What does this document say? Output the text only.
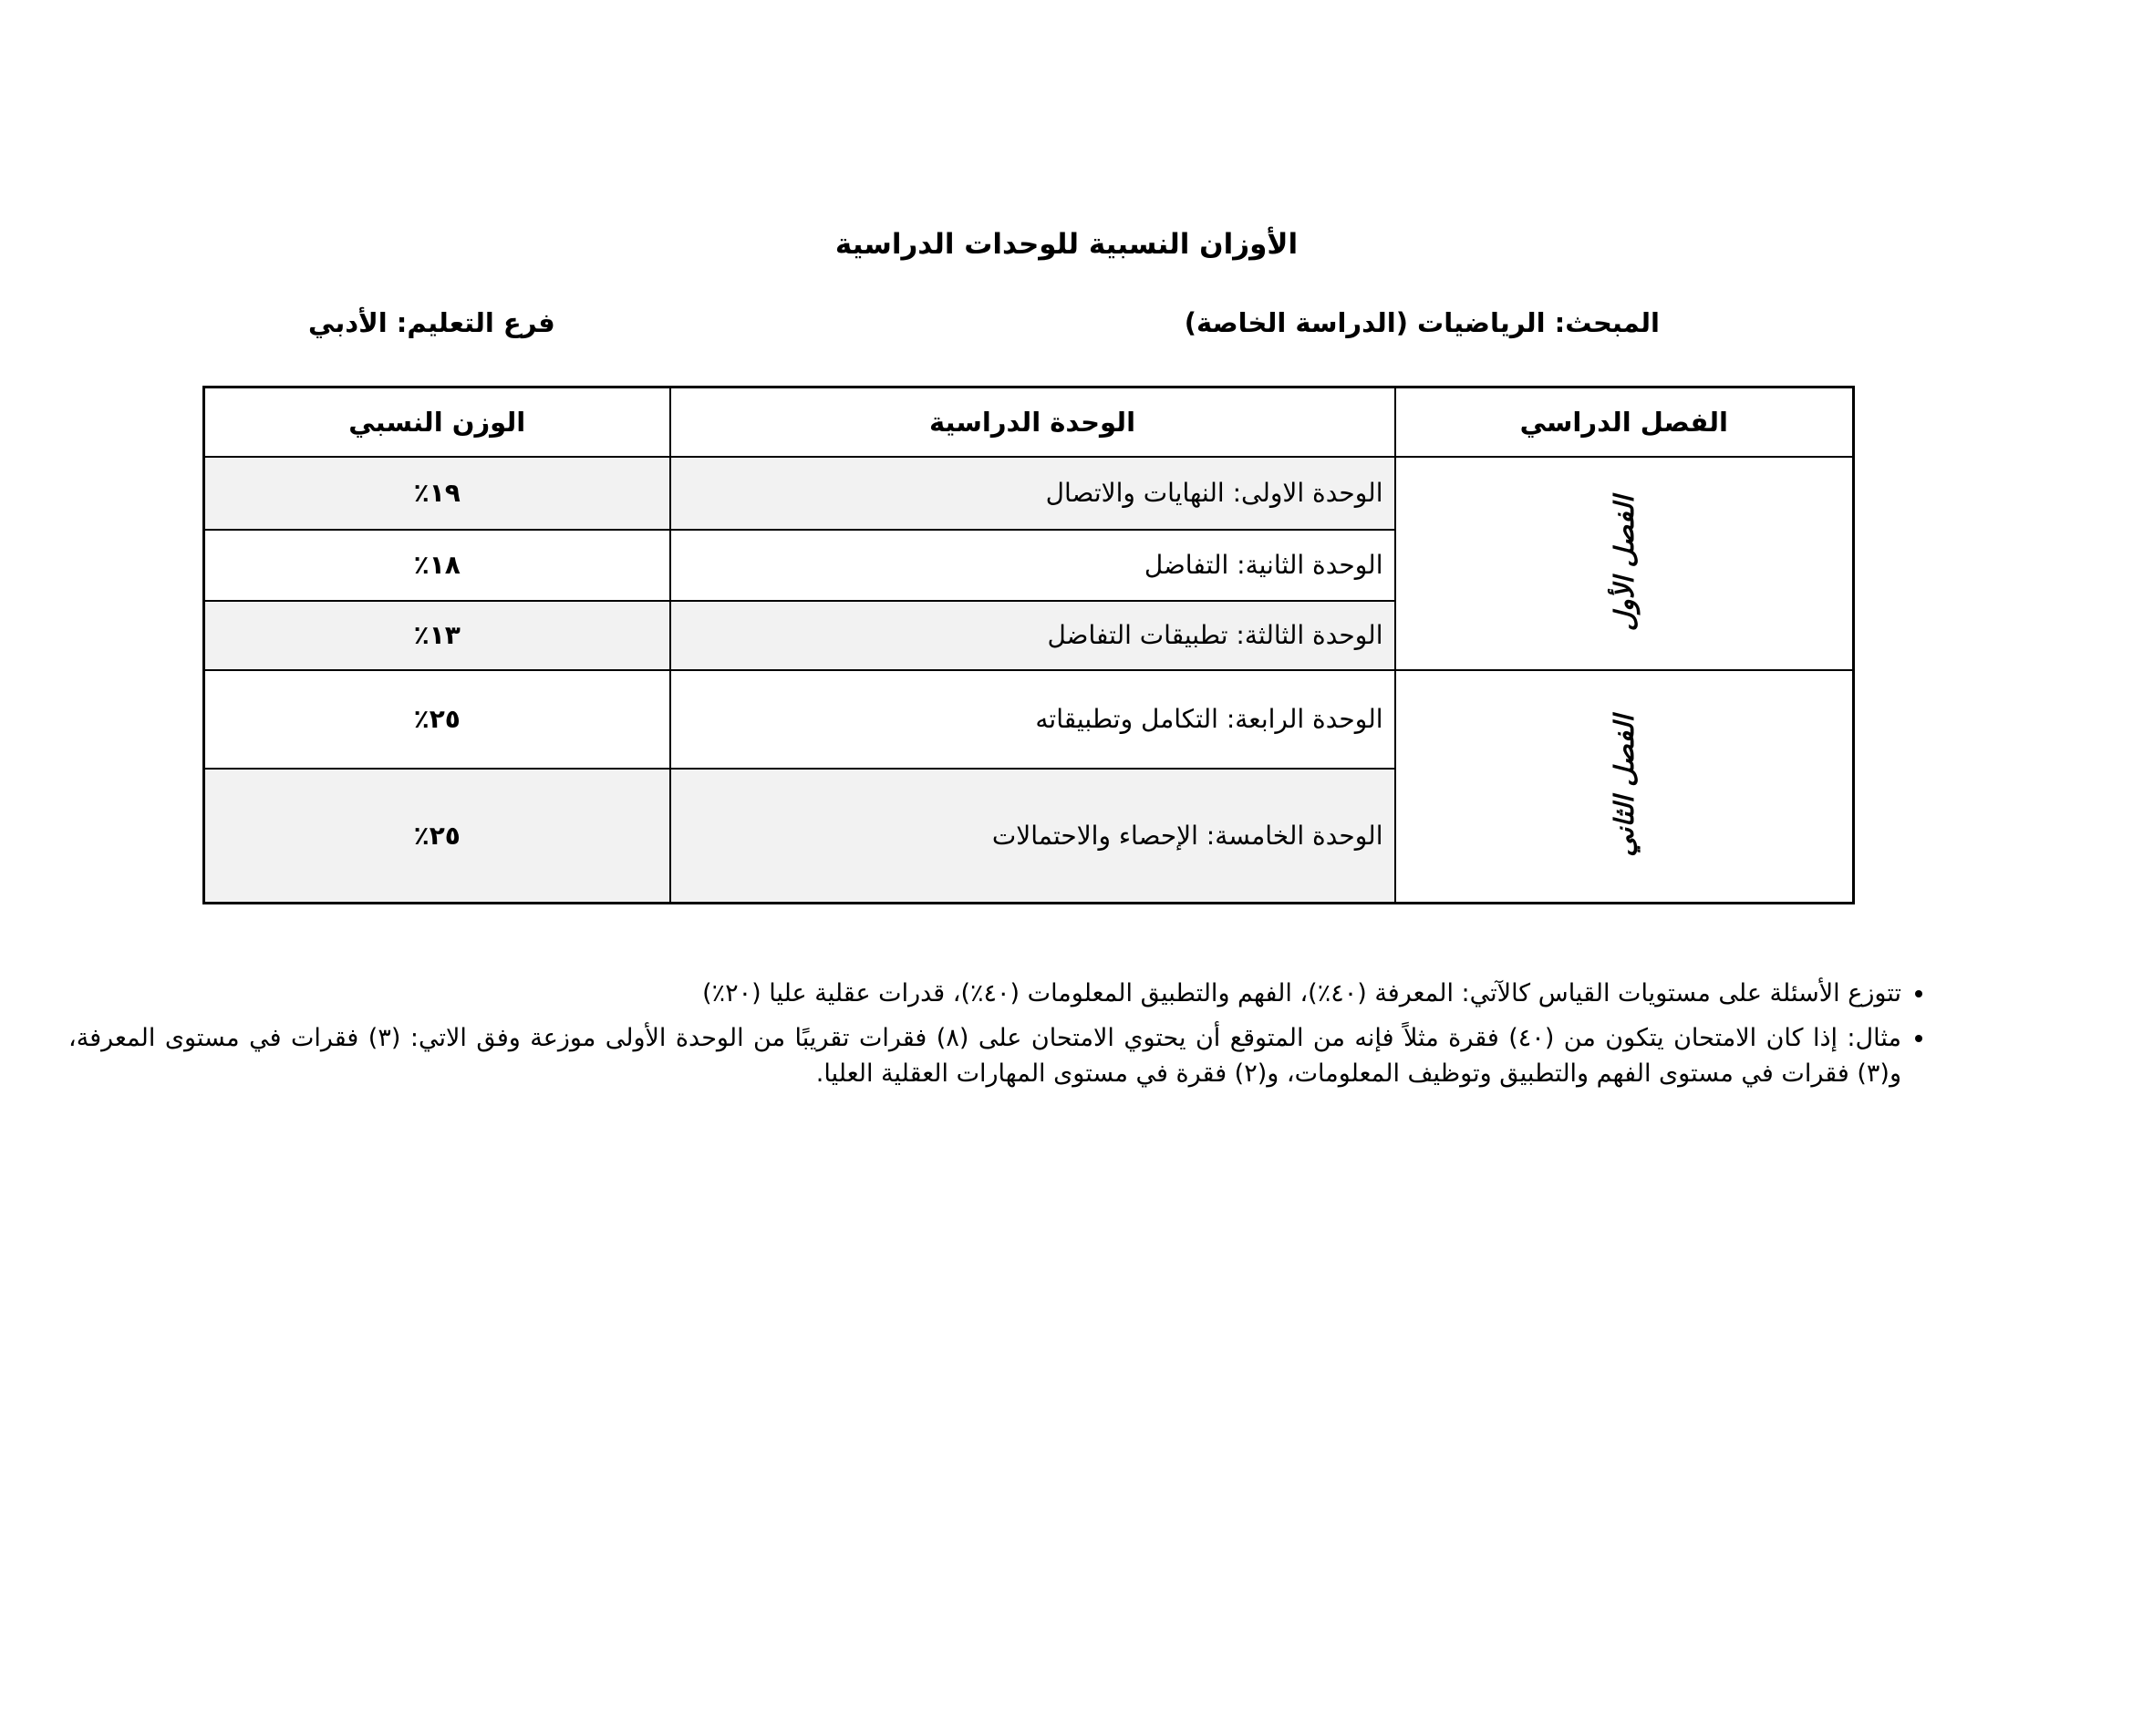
الأوزان النسبية للوحدات الدراسية
المبحث: الرياضيات (الدراسة الخاصة)
فرع التعليم: الأدبي
الفصل الدراسي	الوحدة الدراسية	الوزن النسبي
الفصل الأول	الوحدة الاولى: النهايات والاتصال	١٩٪
	الوحدة الثانية: التفاضل	١٨٪
	الوحدة الثالثة: تطبيقات التفاضل	١٣٪
الفصل الثاني	الوحدة الرابعة: التكامل وتطبيقاته	٢٥٪
	الوحدة الخامسة: الإحصاء والاحتمالات	٢٥٪
• تتوزع الأسئلة على مستويات القياس كالآتي: المعرفة (٤٠٪)، الفهم والتطبيق المعلومات (٤٠٪)، قدرات عقلية عليا (٢٠٪)
• مثال: إذا كان الامتحان يتكون من (٤٠) فقرة مثلاً فإنه من المتوقع أن يحتوي الامتحان على (٨) فقرات تقريبًا من الوحدة الأولى موزعة وفق الاتي: (٣) فقرات في مستوى المعرفة، و(٣) فقرات في مستوى الفهم والتطبيق وتوظيف المعلومات، و(٢) فقرة في مستوى المهارات العقلية العليا.
